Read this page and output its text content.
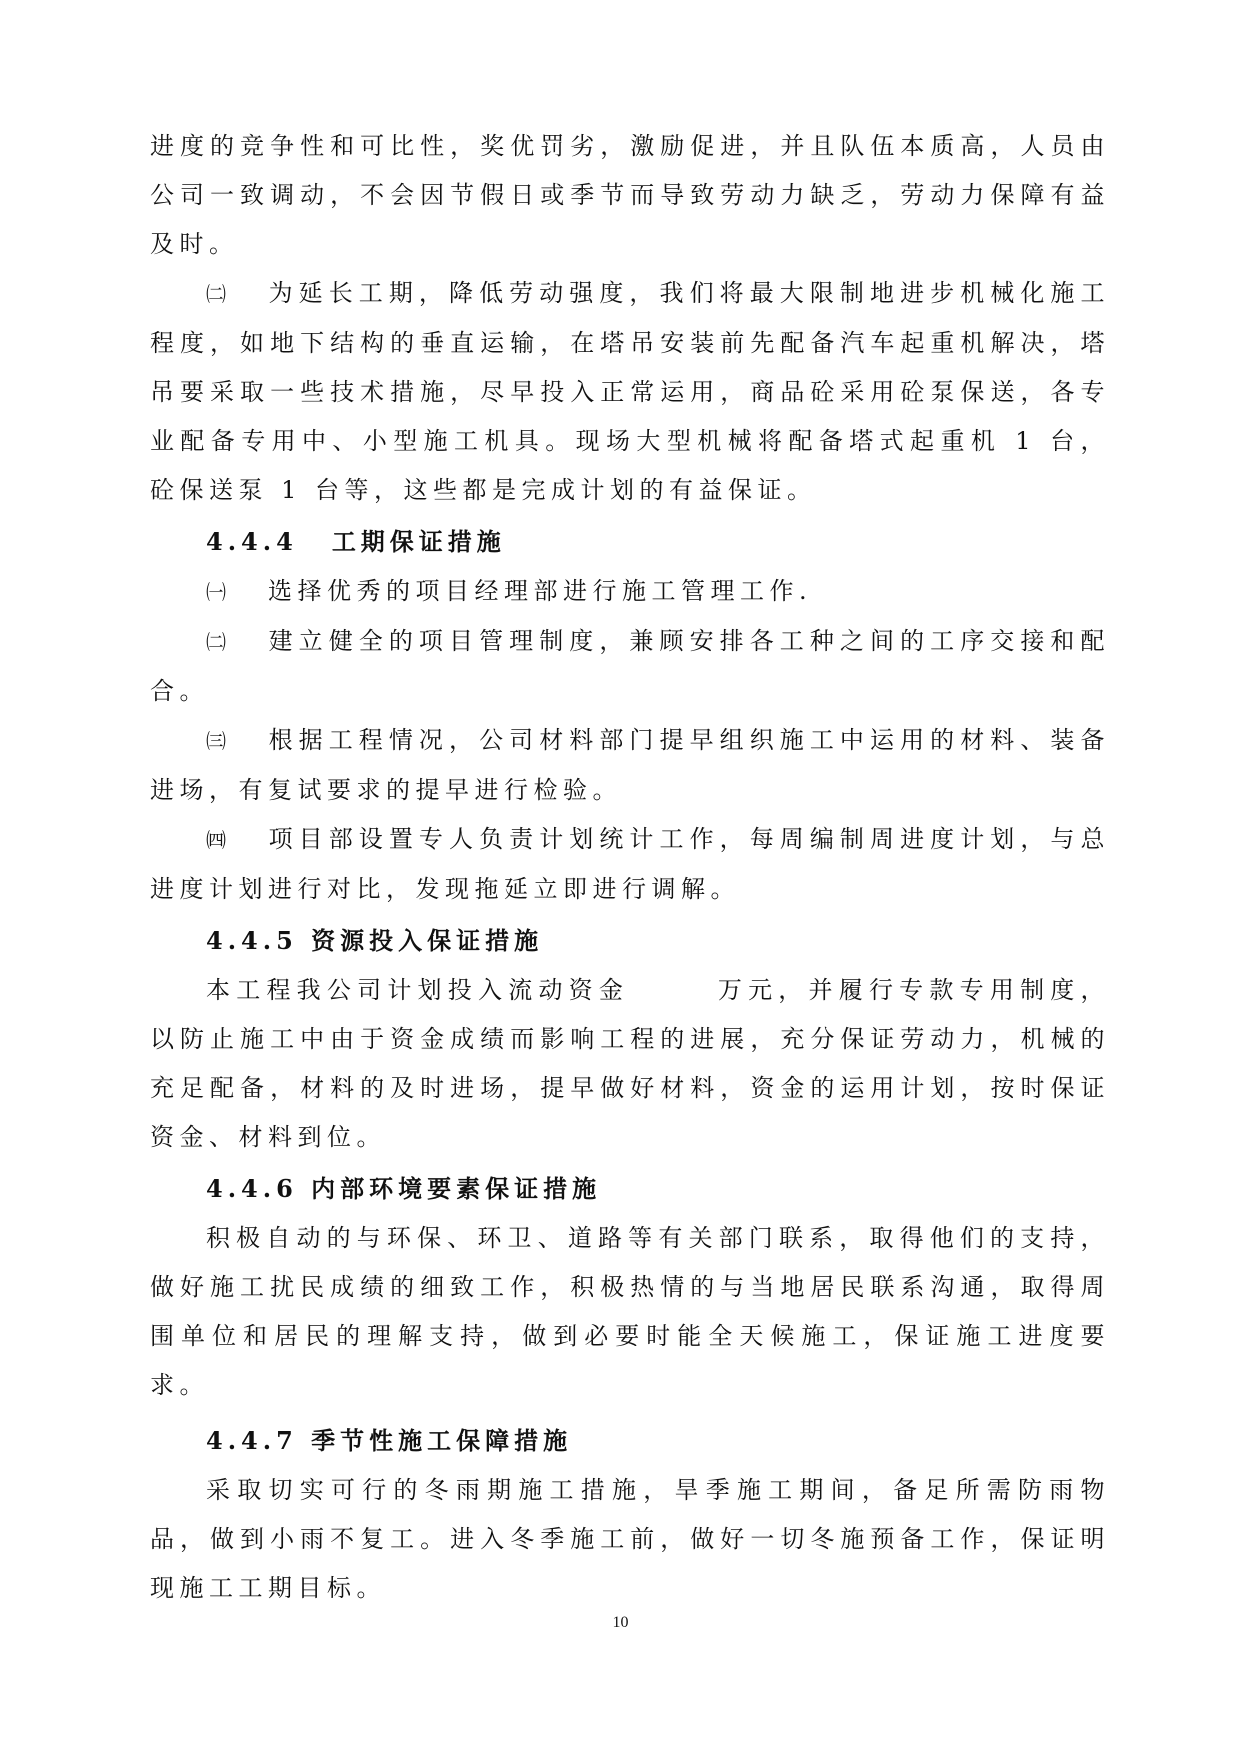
进度的竞争性和可比性，奖优罚劣，激励促进，并且队伍本质高，人员由公司一致调动，不会因节假日或季节而导致劳动力缺乏，劳动力保障有益及时。

㈡ 为延长工期，降低劳动强度，我们将最大限制地进步机械化施工程度，如地下结构的垂直运输，在塔吊安装前先配备汽车起重机解决，塔吊要采取一些技术措施，尽早投入正常运用，商品砼采用砼泵保送，各专业配备专用中、小型施工机具。现场大型机械将配备塔式起重机 1 台，砼保送泵 1 台等，这些都是完成计划的有益保证。

4.4.4 工期保证措施

㈠ 选择优秀的项目经理部进行施工管理工作.

㈡ 建立健全的项目管理制度，兼顾安排各工种之间的工序交接和配合。

㈢ 根据工程情况，公司材料部门提早组织施工中运用的材料、装备进场，有复试要求的提早进行检验。

㈣ 项目部设置专人负责计划统计工作，每周编制周进度计划，与总进度计划进行对比，发现拖延立即进行调解。

4.4.5 资源投入保证措施

本工程我公司计划投入流动资金	万元，并履行专款专用制度，以防止施工中由于资金成绩而影响工程的进展，充分保证劳动力，机械的充足配备，材料的及时进场，提早做好材料，资金的运用计划，按时保证资金、材料到位。

4.4.6 内部环境要素保证措施

积极自动的与环保、环卫、道路等有关部门联系，取得他们的支持，做好施工扰民成绩的细致工作，积极热情的与当地居民联系沟通，取得周围单位和居民的理解支持，做到必要时能全天候施工，保证施工进度要求。

4.4.7 季节性施工保障措施

采取切实可行的冬雨期施工措施，旱季施工期间，备足所需防雨物品，做到小雨不复工。进入冬季施工前，做好一切冬施预备工作，保证明现施工工期目标。

10
